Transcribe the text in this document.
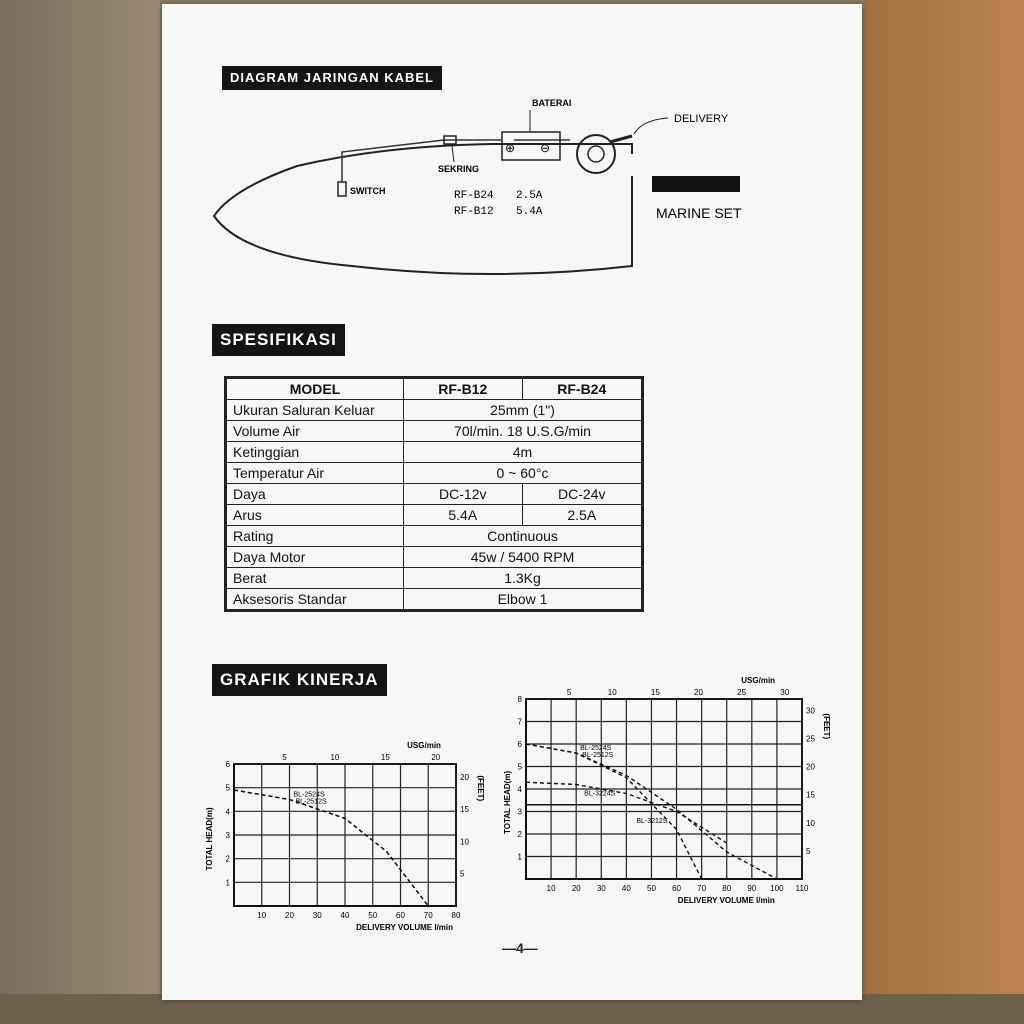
DIAGRAM JARINGAN KABEL
⊕ ⊖
BATERAI
DELIVERY
SEKRING
SWITCH
MARINE SET
RF-B24 2.5A
RF-B12 5.4A
SPESIFIKASI
MODEL	RF-B12	RF-B24
Ukuran Saluran Keluar	25mm (1")	
Volume Air	70l/min. 18 U.S.G/min	
Ketinggian	4m	
Temperatur Air	0 ~ 60°c	
Daya	DC-12v	DC-24v
Arus	5.4A	2.5A
Rating	Continuous	
Daya Motor	45w / 5400 RPM	
Berat	1.3Kg	
Aksesoris Standar	Elbow 1	
GRAFIK KINERJA
10 20 30 40 50 60 70 80
1
2
3
4
5
6
5	10	15	20
5
10
15
20
DELIVERY VOLUME l/min
USG/min
TOTAL HEAD(m)
(FEET)
BL-2524S
BL-2512S
10 20 30 40 50 60 70 80 90 100 110
1
2
3
4
5
6
7
8
5	10	15	20	25	30
5
10
15
20
25
30
DELIVERY VOLUME l/min
USG/min
TOTAL HEAD(m)
(FEET)
BL-2524S
BL-2512S
BL-3224S
BL-3212S
—4—
